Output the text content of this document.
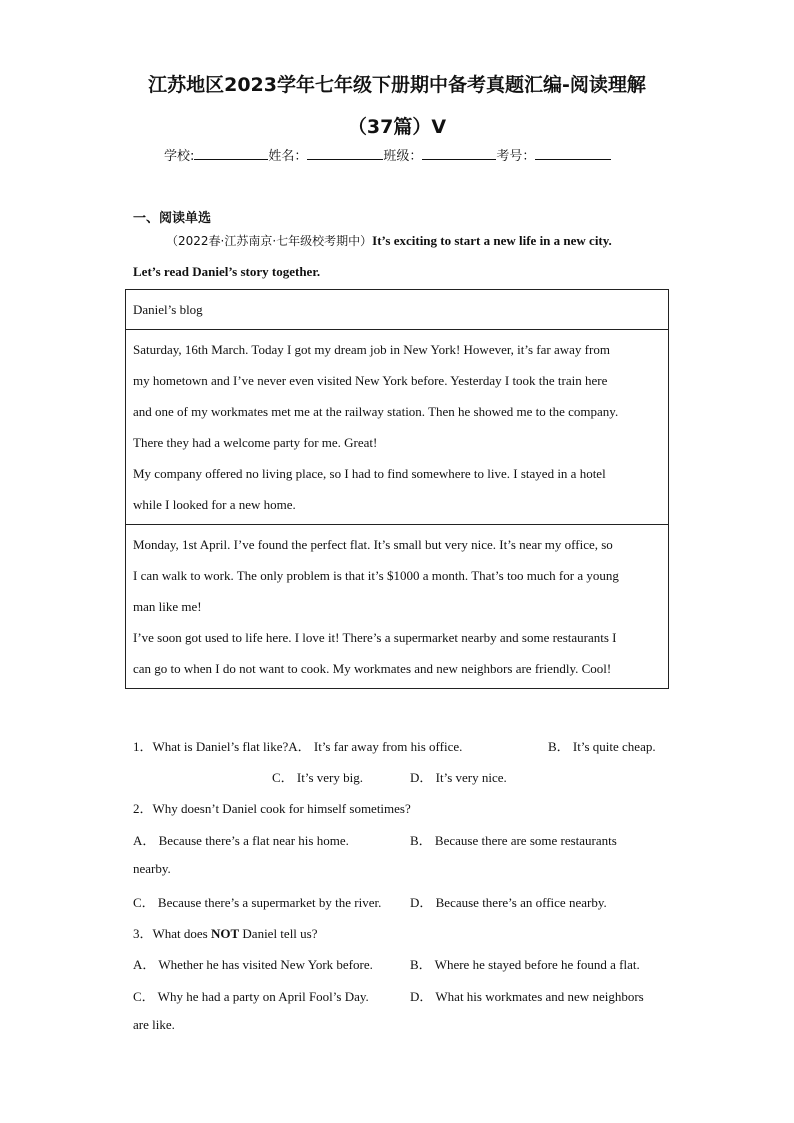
江苏地区2023学年七年级下册期中备考真题汇编-阅读理解
（37篇）Ⅴ
学校:	姓名：	班级：	考号：
一、阅读单选
（2022春·江苏南京·七年级校考期中）It’s exciting to start a new life in a new city.
Let’s read Daniel’s story together.
Daniel’s blog

Saturday, 16th March. Today I got my dream job in New York! However, it’s far away from

my hometown and I’ve never even visited New York before. Yesterday I took the train here

and one of my workmates met me at the railway station. Then he showed me to the company.

There they had a welcome party for me. Great!

My company offered no living place, so I had to find somewhere to live. I stayed in a hotel

while I looked for a new home.

Monday, 1st April. I’ve found the perfect flat. It’s small but very nice. It’s near my office, so

I can walk to work. The only problem is that it’s $1000 a month. That’s too much for a young

man like me!

I’ve soon got used to life here. I love it! There’s a supermarket nearby and some restaurants I

can go to when I do not want to cook. My workmates and new neighbors are friendly. Cool!

1．What is Daniel’s flat like?A． It’s far away from his office.	B． It’s quite cheap.
C． It’s very big.	D． It’s very nice.
2．Why doesn’t Daniel cook for himself sometimes?
A． Because there’s a flat near his home.	B． Because there are some restaurants
nearby.
C． Because there’s a supermarket by the river. D． Because there’s an office nearby.
3．What does NOT Daniel tell us?
A． Whether he has visited New York before.	B． Where he stayed before he found a flat.
C． Why he had a party on April Fool’s Day.	D． What his workmates and new neighbors
are like.
